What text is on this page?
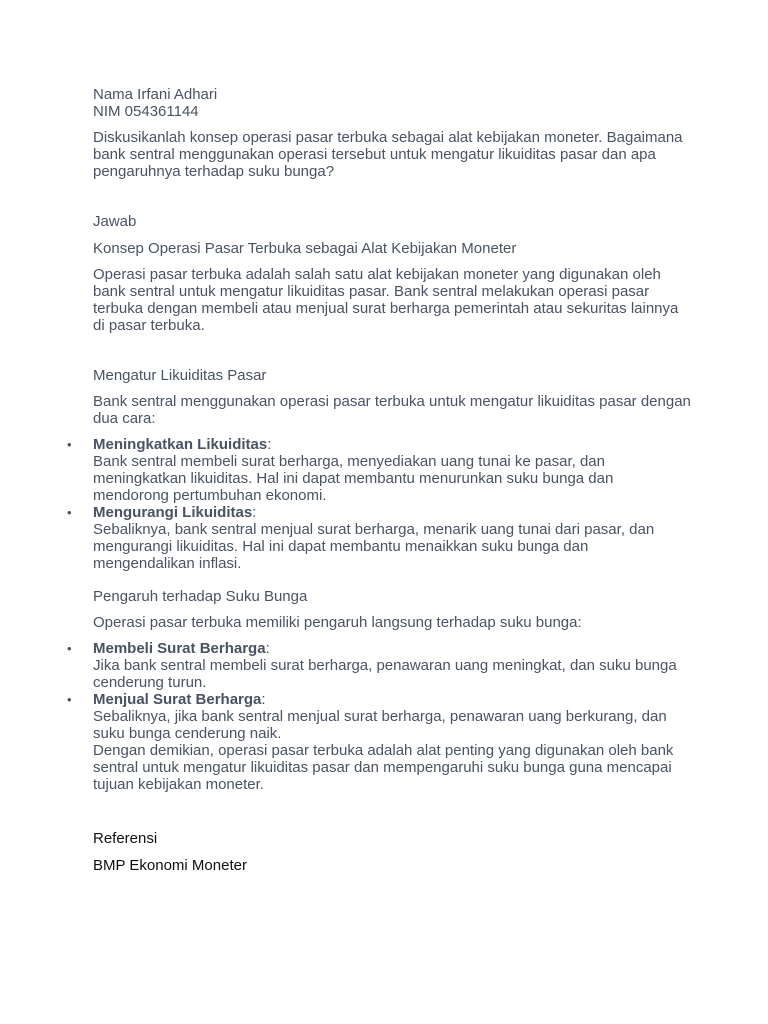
Nama Irfani Adhari

NIM 054361144

Diskusikanlah konsep operasi pasar terbuka sebagai alat kebijakan moneter. Bagaimana bank sentral menggunakan operasi tersebut untuk mengatur likuiditas pasar dan apa pengaruhnya terhadap suku bunga?

Jawab

Konsep Operasi Pasar Terbuka sebagai Alat Kebijakan Moneter

Operasi pasar terbuka adalah salah satu alat kebijakan moneter yang digunakan oleh bank sentral untuk mengatur likuiditas pasar. Bank sentral melakukan operasi pasar terbuka dengan membeli atau menjual surat berharga pemerintah atau sekuritas lainnya di pasar terbuka.

Mengatur Likuiditas Pasar

Bank sentral menggunakan operasi pasar terbuka untuk mengatur likuiditas pasar dengan dua cara:

• Meningkatkan Likuiditas:
Bank sentral membeli surat berharga, menyediakan uang tunai ke pasar, dan meningkatkan likuiditas. Hal ini dapat membantu menurunkan suku bunga dan mendorong pertumbuhan ekonomi.
• Mengurangi Likuiditas:
Sebaliknya, bank sentral menjual surat berharga, menarik uang tunai dari pasar, dan mengurangi likuiditas. Hal ini dapat membantu menaikkan suku bunga dan mengendalikan inflasi.

Pengaruh terhadap Suku Bunga

Operasi pasar terbuka memiliki pengaruh langsung terhadap suku bunga:

• Membeli Surat Berharga:
Jika bank sentral membeli surat berharga, penawaran uang meningkat, dan suku bunga cenderung turun.
• Menjual Surat Berharga:
Sebaliknya, jika bank sentral menjual surat berharga, penawaran uang berkurang, dan suku bunga cenderung naik.
Dengan demikian, operasi pasar terbuka adalah alat penting yang digunakan oleh bank sentral untuk mengatur likuiditas pasar dan mempengaruhi suku bunga guna mencapai tujuan kebijakan moneter.

Referensi

BMP Ekonomi Moneter
